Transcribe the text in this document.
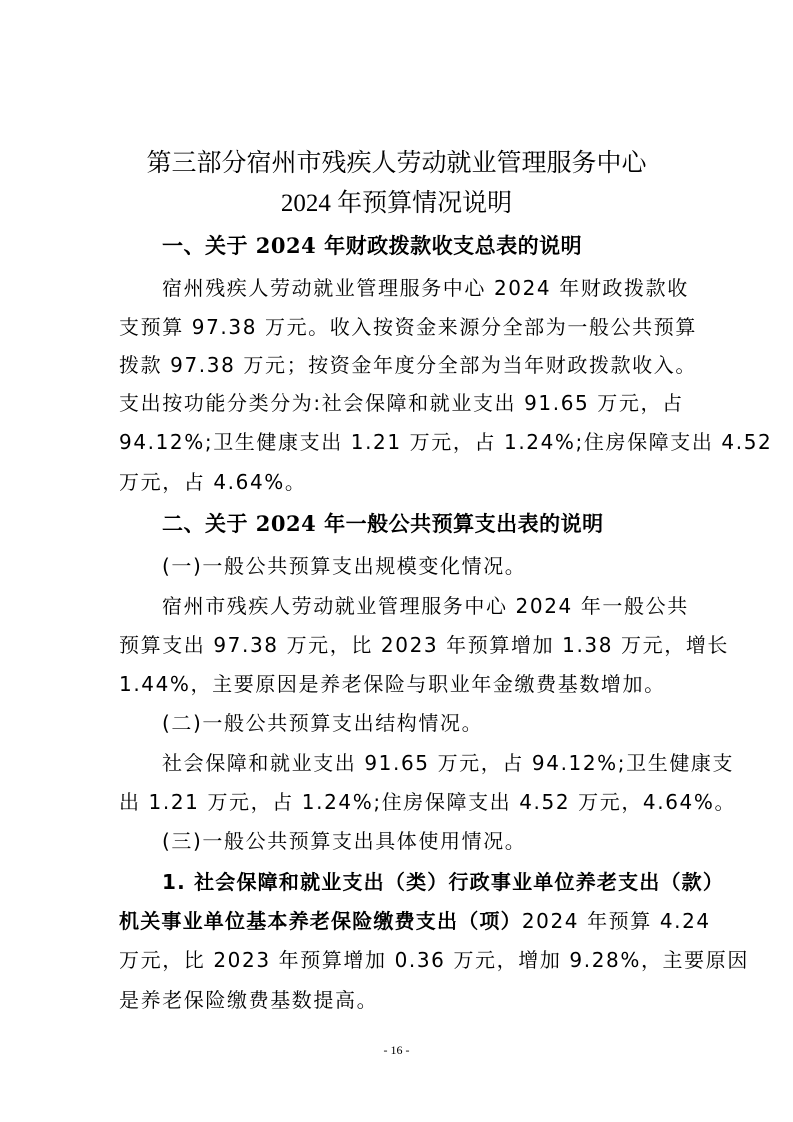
第三部分宿州市残疾人劳动就业管理服务中心
2024 年预算情况说明
一、关于 2024 年财政拨款收支总表的说明
宿州残疾人劳动就业管理服务中心 2024 年财政拨款收
支预算 97.38 万元。收入按资金来源分全部为一般公共预算
拨款 97.38 万元；按资金年度分全部为当年财政拨款收入。
支出按功能分类分为:社会保障和就业支出 91.65 万元，占
94.12%;卫生健康支出 1.21 万元，占 1.24%;住房保障支出 4.52
万元，占 4.64%。
二、关于 2024 年一般公共预算支出表的说明
(一)一般公共预算支出规模变化情况。
宿州市残疾人劳动就业管理服务中心 2024 年一般公共
预算支出 97.38 万元，比 2023 年预算增加 1.38 万元，增长
1.44%，主要原因是养老保险与职业年金缴费基数增加。
(二)一般公共预算支出结构情况。
社会保障和就业支出 91.65 万元，占 94.12%;卫生健康支
出 1.21 万元，占 1.24%;住房保障支出 4.52 万元，4.64%。
(三)一般公共预算支出具体使用情况。
1. 社会保障和就业支出（类）行政事业单位养老支出（款）
机关事业单位基本养老保险缴费支出（项）2024 年预算 4.24
万元，比 2023 年预算增加 0.36 万元，增加 9.28%，主要原因
是养老保险缴费基数提高。
- 16 -
